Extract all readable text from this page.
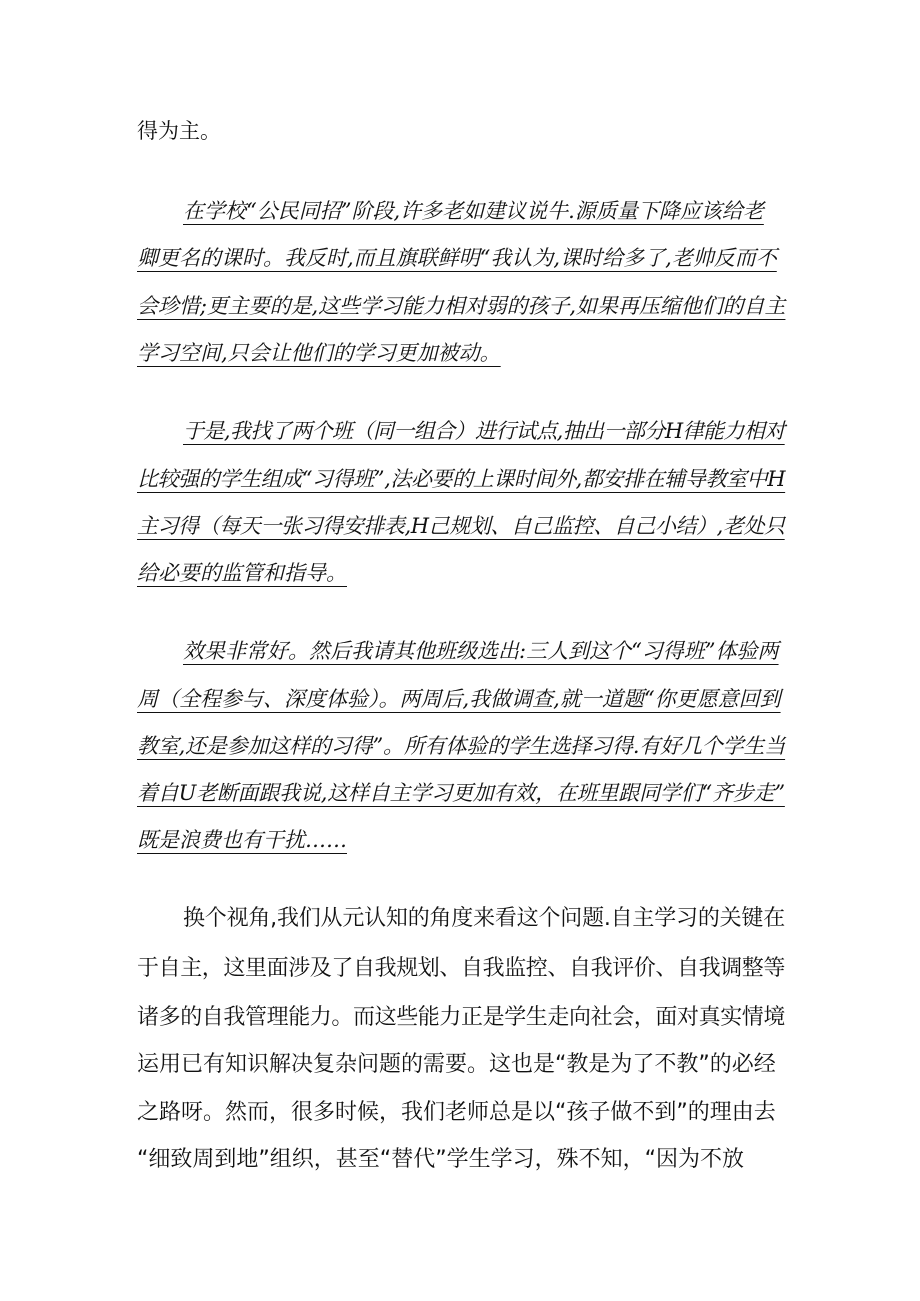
得为主。
在学校“公民同招”阶段,许多老如建议说牛.源质量下降应该给老
卿更名的课时。我反时,而且旗联鲜明“我认为,课时给多了,老帅反而不
会珍惜;更主要的是,这些学习能力相对弱的孩子,如果再压缩他们的自主
学习空间,只会让他们的学习更加被动。
于是,我找了两个班（同一组合）进行试点,抽出一部分H律能力相对
比较强的学生组成“习得班”,法必要的上课时间外,都安排在辅导教室中H
主习得（每天一张习得安排表,H己规划、自己监控、自己小结）,老处只
给必要的监管和指导。
效果非常好。然后我请其他班级选出:三人到这个“习得班”体验两
周（全程参与、深度体验）。两周后,我做调查,就一道题“你更愿意回到
教室,还是参加这样的习得”。所有体验的学生选择习得.有好几个学生当
着自U老断面跟我说,这样自主学习更加有效，在班里跟同学们“齐步走”
既是浪费也有干扰……
换个视角,我们从元认知的角度来看这个问题.自主学习的关键在
于自主，这里面涉及了自我规划、自我监控、自我评价、自我调整等
诸多的自我管理能力。而这些能力正是学生走向社会，面对真实情境
运用已有知识解决复杂问题的需要。这也是“教是为了不教”的必经
之路呀。然而，很多时候，我们老师总是以“孩子做不到”的理由去
“细致周到地”组织，甚至“替代”学生学习，殊不知，“因为不放
